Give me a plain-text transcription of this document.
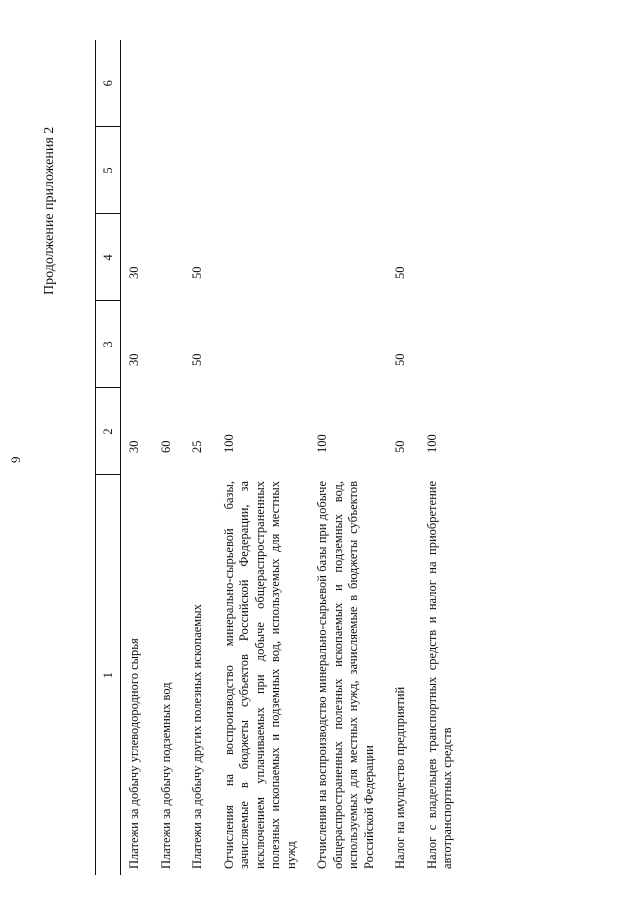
9
Продолжение приложения 2
1	2	3	4	5	6
Платежи за добычу углеводородного сырья	30	30	30		
Платежи за добычу подземных вод	60				
Платежи за добычу других полезных ископаемых	25	50	50		
Отчисления на воспроизводство минерально-сырьевой базы, зачисляемые в бюджеты субъектов Российской Федерации, за исключением уплачиваемых при добыче общераспространенных полезных ископаемых и подземных вод, используемых для местных нужд	100				
Отчисления на воспроизводство минерально-сырьевой базы при добыче общераспространенных полезных ископаемых и подземных вод, используемых для местных нужд, зачисляемые в бюджеты субъектов Российской Федерации	100				
Налог на имущество предприятий	50	50	50		
Налог с владельцев транспортных средств и налог на приобретение автотранспортных средств	100				
